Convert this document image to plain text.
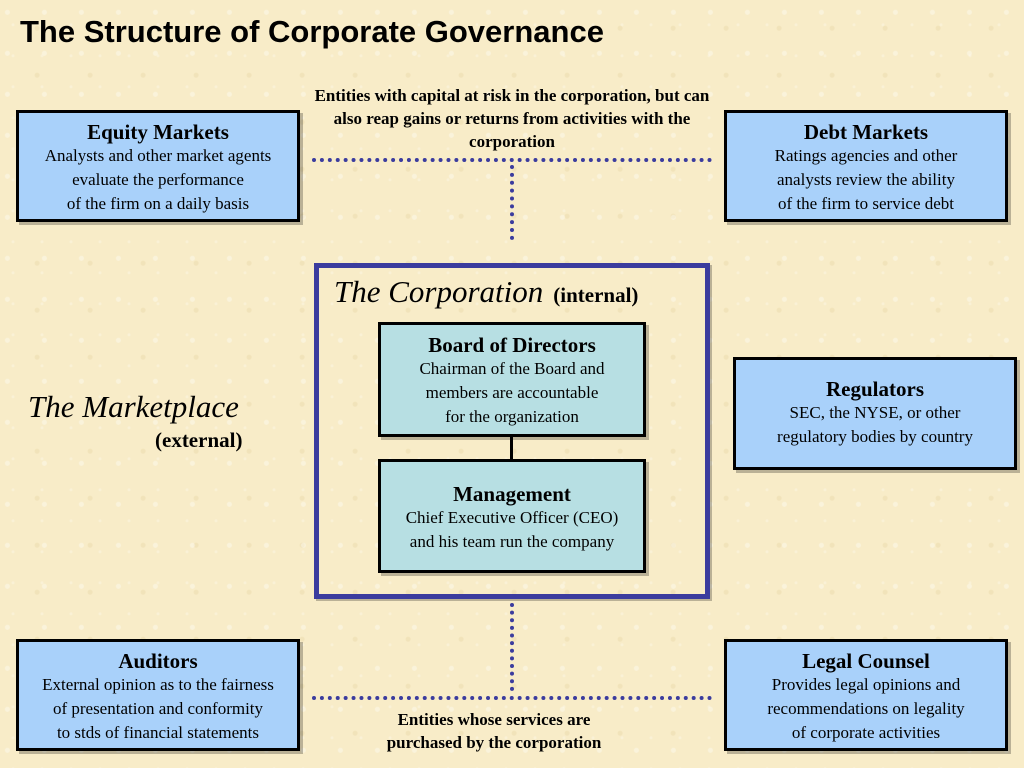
The Structure of Corporate Governance
Entities with capital at risk in the corporation, but can also reap gains or returns from activities with the corporation
Equity Markets
Analysts and other market agents
evaluate the performance
of the firm on a daily basis
Debt Markets
Ratings agencies and other
analysts review the ability
of the firm to service debt
Regulators
SEC, the NYSE, or other
regulatory bodies by country
The Marketplace
(external)
The Corporation (internal)
Board of Directors
Chairman of the Board and
members are accountable
for the organization
Management
Chief Executive Officer (CEO)
and his team run the company
Auditors
External opinion as to the fairness
of presentation and conformity
to stds of financial statements
Legal Counsel
Provides legal opinions and
recommendations on legality
of corporate activities
Entities whose services are purchased by the corporation
